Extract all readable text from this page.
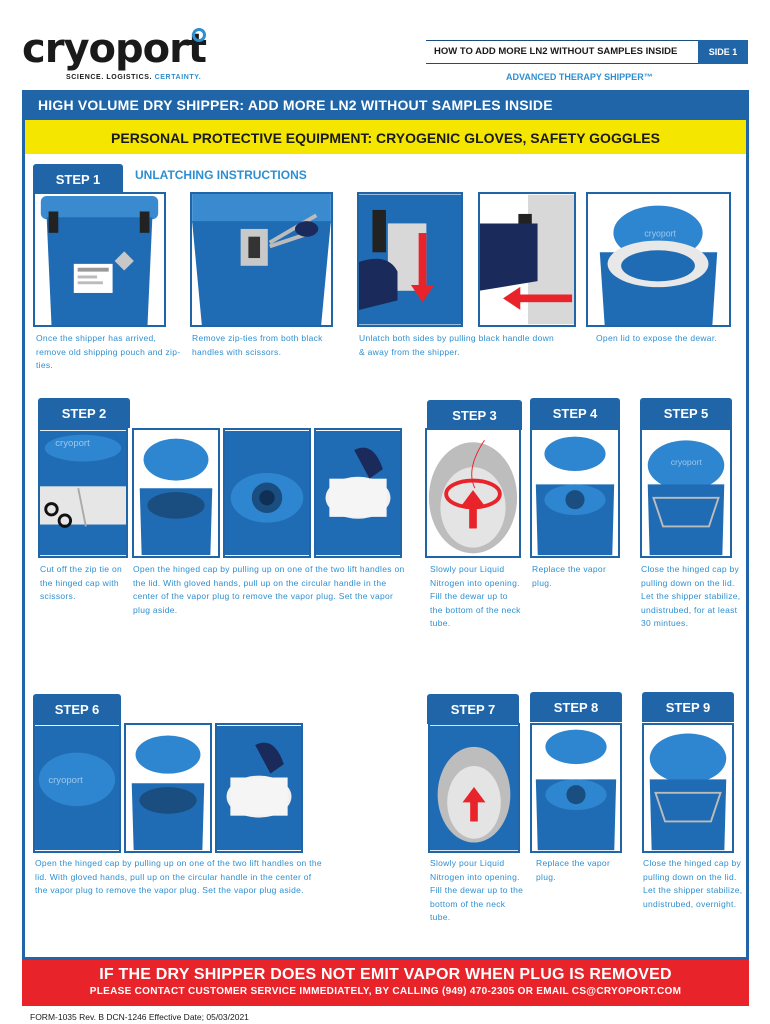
cryoport
SCIENCE. LOGISTICS. CERTAINTY.
HOW TO ADD MORE LN2 WITHOUT SAMPLES INSIDE	SIDE 1
ADVANCED THERAPY SHIPPER™
HIGH VOLUME DRY SHIPPER: ADD MORE LN2 WITHOUT SAMPLES INSIDE
PERSONAL PROTECTIVE EQUIPMENT: CRYOGENIC GLOVES, SAFETY GOGGLES
STEP 1	UNLATCHING INSTRUCTIONS
cryoport
Once the shipper has arrived, remove old shipping pouch and zip-ties.
Remove zip-ties from both black handles with scissors.
Unlatch both sides by pulling black handle down & away from the shipper.
Open lid to expose the dewar.
STEP 2	STEP 3	STEP 4	STEP 5
cryoport
cryoport
Cut off the zip tie on the hinged cap with scissors.
Open the hinged cap by pulling up on one of the two lift handles on the lid. With gloved hands, pull up on the circular handle in the center of the vapor plug to remove the vapor plug. Set the vapor plug aside.
Slowly pour Liquid Nitrogen into opening. Fill the dewar up to the bottom of the neck tube.
Replace the vapor plug.
Close the hinged cap by pulling down on the lid. Let the shipper stabilize, undistrubed, for at least 30 mintues.
STEP 6	STEP 7	STEP 8	STEP 9
cryoport
Open the hinged cap by pulling up on one of the two lift handles on the lid. With gloved hands, pull up on the circular handle in the center of the vapor plug to remove the vapor plug. Set the vapor plug aside.
Slowly pour Liquid Nitrogen into opening. Fill the dewar up to the bottom of the neck tube.
Replace the vapor plug.
Close the hinged cap by pulling down on the lid. Let the shipper stabilize, undistrubed, overnight.
IF THE DRY SHIPPER DOES NOT EMIT VAPOR WHEN PLUG IS REMOVED
PLEASE CONTACT CUSTOMER SERVICE IMMEDIATELY, BY CALLING (949) 470-2305 OR EMAIL CS@CRYOPORT.COM
FORM-1035 Rev. B DCN-1246 Effective Date; 05/03/2021
